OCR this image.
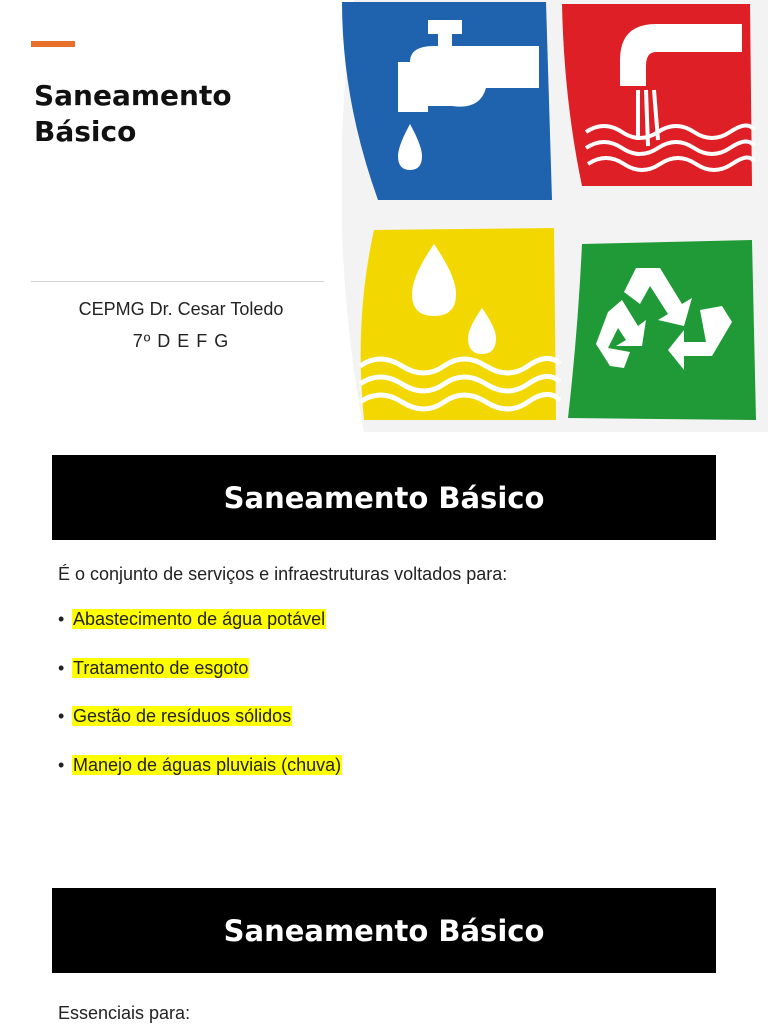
Saneamento
Básico
CEPMG Dr. Cesar Toledo
7º D E F G
Saneamento Básico
É o conjunto de serviços e infraestruturas voltados para:
• Abastecimento de água potável
• Tratamento de esgoto
• Gestão de resíduos sólidos
• Manejo de águas pluviais (chuva)
Saneamento Básico
Essenciais para:
